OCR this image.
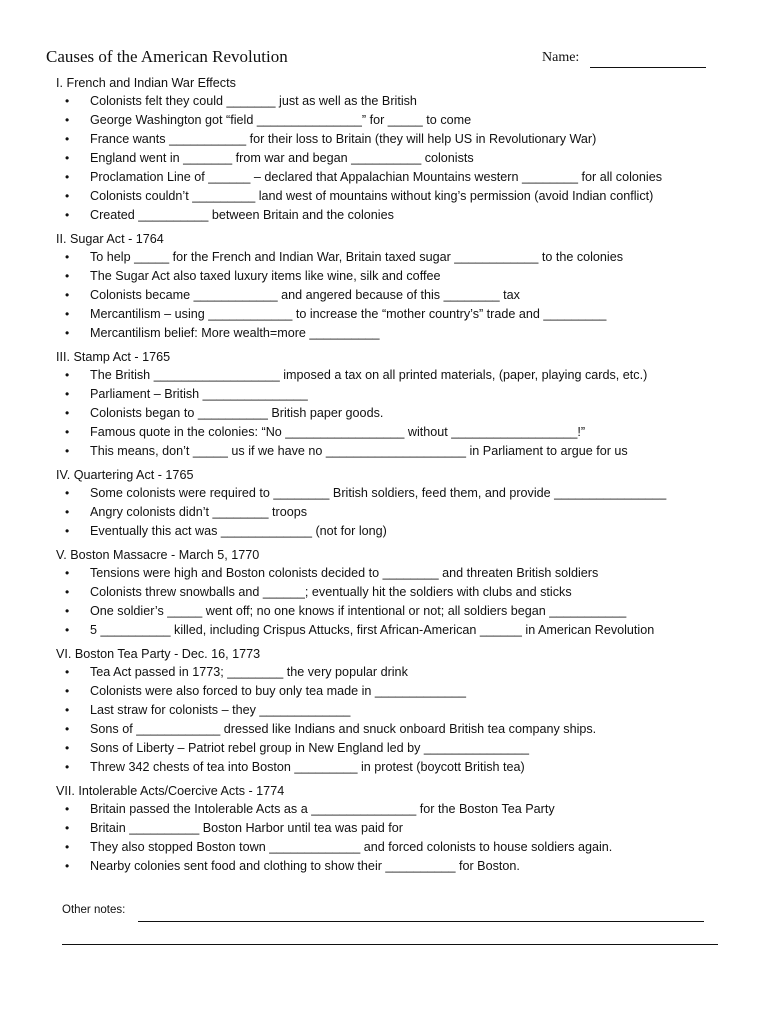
Causes of the American Revolution	Name:
I. French and Indian War Effects
• Colonists felt they could _______ just as well as the British
• George Washington got “field _______________” for _____ to come
• France wants ___________ for their loss to Britain (they will help US in Revolutionary War)
• England went in _______ from war and began __________ colonists
• Proclamation Line of ______ – declared that Appalachian Mountains western ________ for all colonies
• Colonists couldn’t _________ land west of mountains without king’s permission (avoid Indian conflict)
• Created __________ between Britain and the colonies
II. Sugar Act - 1764
• To help _____ for the French and Indian War, Britain taxed sugar ____________ to the colonies
• The Sugar Act also taxed luxury items like wine, silk and coffee
• Colonists became ____________ and angered because of this ________ tax
• Mercantilism – using ____________ to increase the “mother country’s” trade and _________
• Mercantilism belief: More wealth=more __________
III. Stamp Act - 1765
• The British __________________ imposed a tax on all printed materials, (paper, playing cards, etc.)
• Parliament – British _______________
• Colonists began to __________ British paper goods.
• Famous quote in the colonies: “No _________________ without __________________!”
• This means, don’t _____ us if we have no ____________________ in Parliament to argue for us
IV. Quartering Act - 1765
• Some colonists were required to ________ British soldiers, feed them, and provide ________________
• Angry colonists didn’t ________ troops
• Eventually this act was _____________ (not for long)
V. Boston Massacre - March 5, 1770
• Tensions were high and Boston colonists decided to ________ and threaten British soldiers
• Colonists threw snowballs and ______; eventually hit the soldiers with clubs and sticks
• One soldier’s _____ went off; no one knows if intentional or not; all soldiers began ___________
• 5 __________ killed, including Crispus Attucks, first African-American ______ in American Revolution
VI. Boston Tea Party - Dec. 16, 1773
• Tea Act passed in 1773; ________ the very popular drink
• Colonists were also forced to buy only tea made in _____________
• Last straw for colonists – they _____________
• Sons of ____________ dressed like Indians and snuck onboard British tea company ships.
• Sons of Liberty – Patriot rebel group in New England led by _______________
• Threw 342 chests of tea into Boston _________ in protest (boycott British tea)
VII. Intolerable Acts/Coercive Acts - 1774
• Britain passed the Intolerable Acts as a _______________ for the Boston Tea Party
• Britain __________ Boston Harbor until tea was paid for
• They also stopped Boston town _____________ and forced colonists to house soldiers again.
• Nearby colonies sent food and clothing to show their __________ for Boston.
Other notes:
